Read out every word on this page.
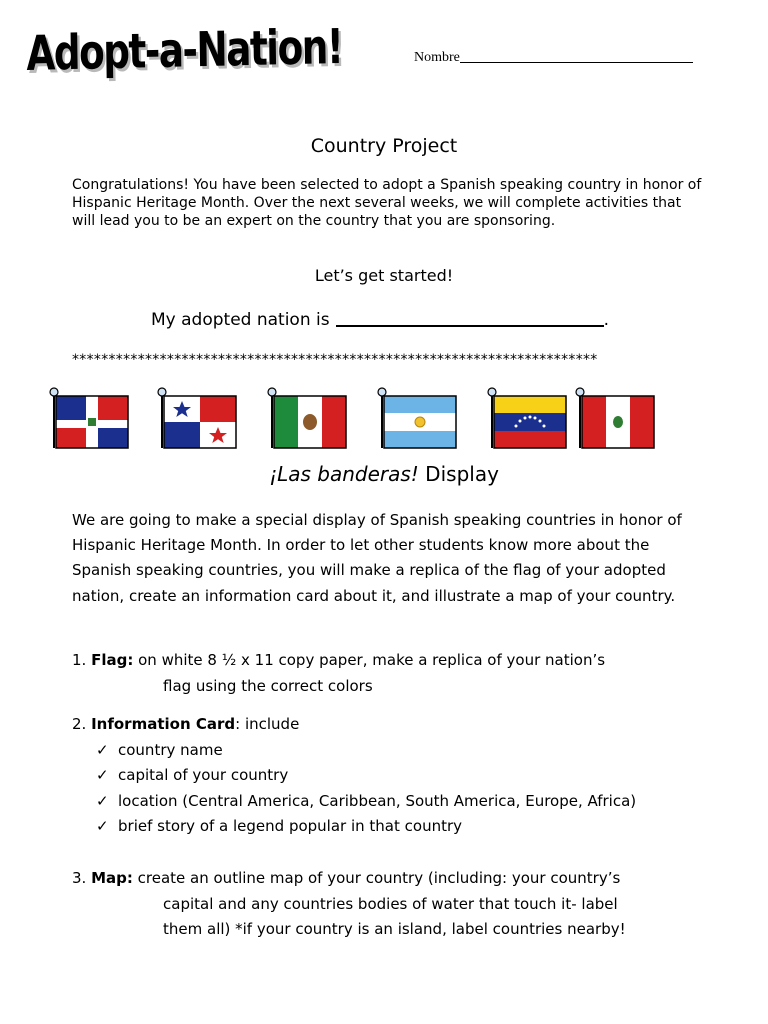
Adopt-a-Nation!	Nombre
Country Project
Congratulations! You have been selected to adopt a Spanish speaking country in honor of Hispanic Heritage Month. Over the next several weeks, we will complete activities that will lead you to be an expert on the country that you are sponsoring.
Let’s get started!
My adopted nation is	.
************************************************************************
¡Las banderas! Display
We are going to make a special display of Spanish speaking countries in honor of Hispanic Heritage Month. In order to let other students know more about the Spanish speaking countries, you will make a replica of the flag of your adopted nation, create an information card about it, and illustrate a map of your country.
1. Flag: on white 8 ½ x 11 copy paper, make a replica of your nation’s
flag using the correct colors
2. Information Card: include
✓ country name
✓ capital of your country
✓ location (Central America, Caribbean, South America, Europe, Africa)
✓ brief story of a legend popular in that country
3. Map: create an outline map of your country (including: your country’s
capital and any countries bodies of water that touch it- label
them all) *if your country is an island, label countries nearby!
